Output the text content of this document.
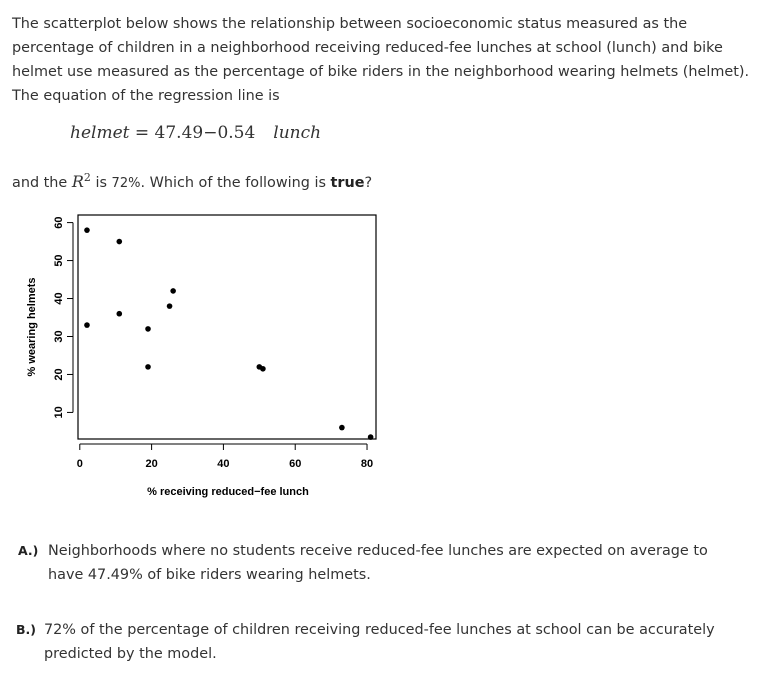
The scatterplot below shows the relationship between socioeconomic status measured as the percentage of children in a neighborhood receiving reduced-fee lunches at school (lunch) and bike helmet use measured as the percentage of bike riders in the neighborhood wearing helmets (helmet). The equation of the regression line is

helmet = 47.49−0.54 lunch
and the $R^2$ is 72%. Which of the following is true?
0	20	40	60	80
10
20
30
40
50
60
% receiving reduced−fee lunch
% wearing helmets
A.) Neighborhoods where no students receive reduced-fee lunches are expected on average to have 47.49% of bike riders wearing helmets.
B.) 72% of the percentage of children receiving reduced-fee lunches at school can be accurately predicted by the model.
